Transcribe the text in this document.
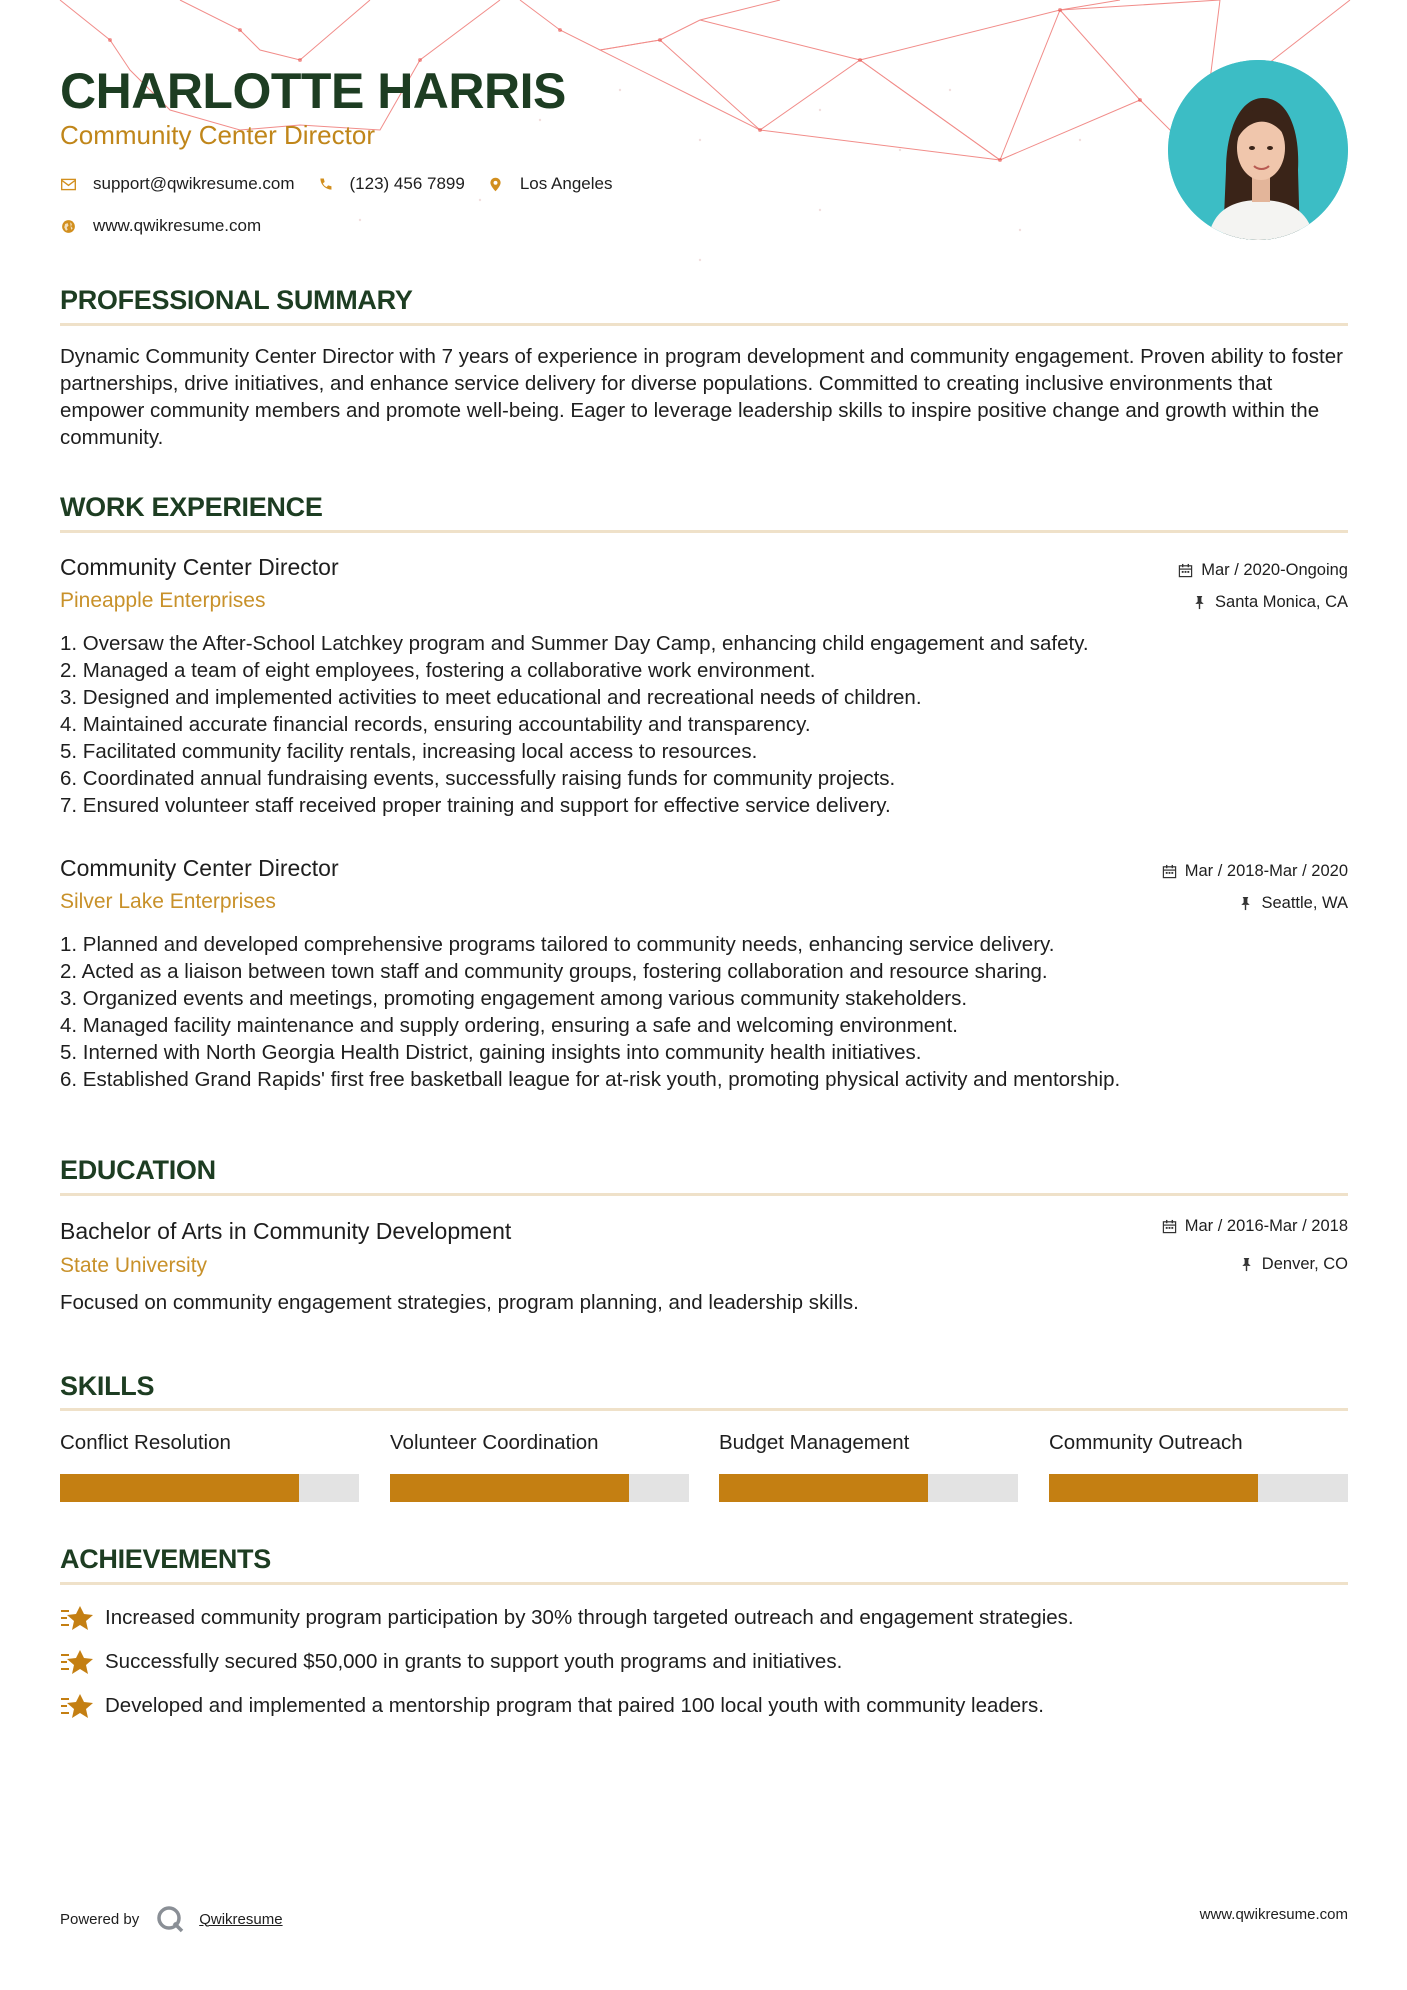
CHARLOTTE HARRIS
Community Center Director
support@qwikresume.com	(123) 456 7899	Los Angeles
www.qwikresume.com
PROFESSIONAL SUMMARY
Dynamic Community Center Director with 7 years of experience in program development and community engagement. Proven ability to foster partnerships, drive initiatives, and enhance service delivery for diverse populations. Committed to creating inclusive environments that empower community members and promote well-being. Eager to leverage leadership skills to inspire positive change and growth within the community.
WORK EXPERIENCE
Community Center Director
Pineapple Enterprises
Mar / 2020-Ongoing
Santa Monica, CA
1. Oversaw the After-School Latchkey program and Summer Day Camp, enhancing child engagement and safety.
2. Managed a team of eight employees, fostering a collaborative work environment.
3. Designed and implemented activities to meet educational and recreational needs of children.
4. Maintained accurate financial records, ensuring accountability and transparency.
5. Facilitated community facility rentals, increasing local access to resources.
6. Coordinated annual fundraising events, successfully raising funds for community projects.
7. Ensured volunteer staff received proper training and support for effective service delivery.
Community Center Director
Silver Lake Enterprises
Mar / 2018-Mar / 2020
Seattle, WA
1. Planned and developed comprehensive programs tailored to community needs, enhancing service delivery.
2. Acted as a liaison between town staff and community groups, fostering collaboration and resource sharing.
3. Organized events and meetings, promoting engagement among various community stakeholders.
4. Managed facility maintenance and supply ordering, ensuring a safe and welcoming environment.
5. Interned with North Georgia Health District, gaining insights into community health initiatives.
6. Established Grand Rapids' first free basketball league for at-risk youth, promoting physical activity and mentorship.
EDUCATION
Bachelor of Arts in Community Development
State University
Mar / 2016-Mar / 2018
Denver, CO
Focused on community engagement strategies, program planning, and leadership skills.
SKILLS
Conflict Resolution	Volunteer Coordination	Budget Management	Community Outreach
ACHIEVEMENTS
Increased community program participation by 30% through targeted outreach and engagement strategies.
Successfully secured $50,000 in grants to support youth programs and initiatives.
Developed and implemented a mentorship program that paired 100 local youth with community leaders.
Powered by	Qwikresume	www.qwikresume.com
